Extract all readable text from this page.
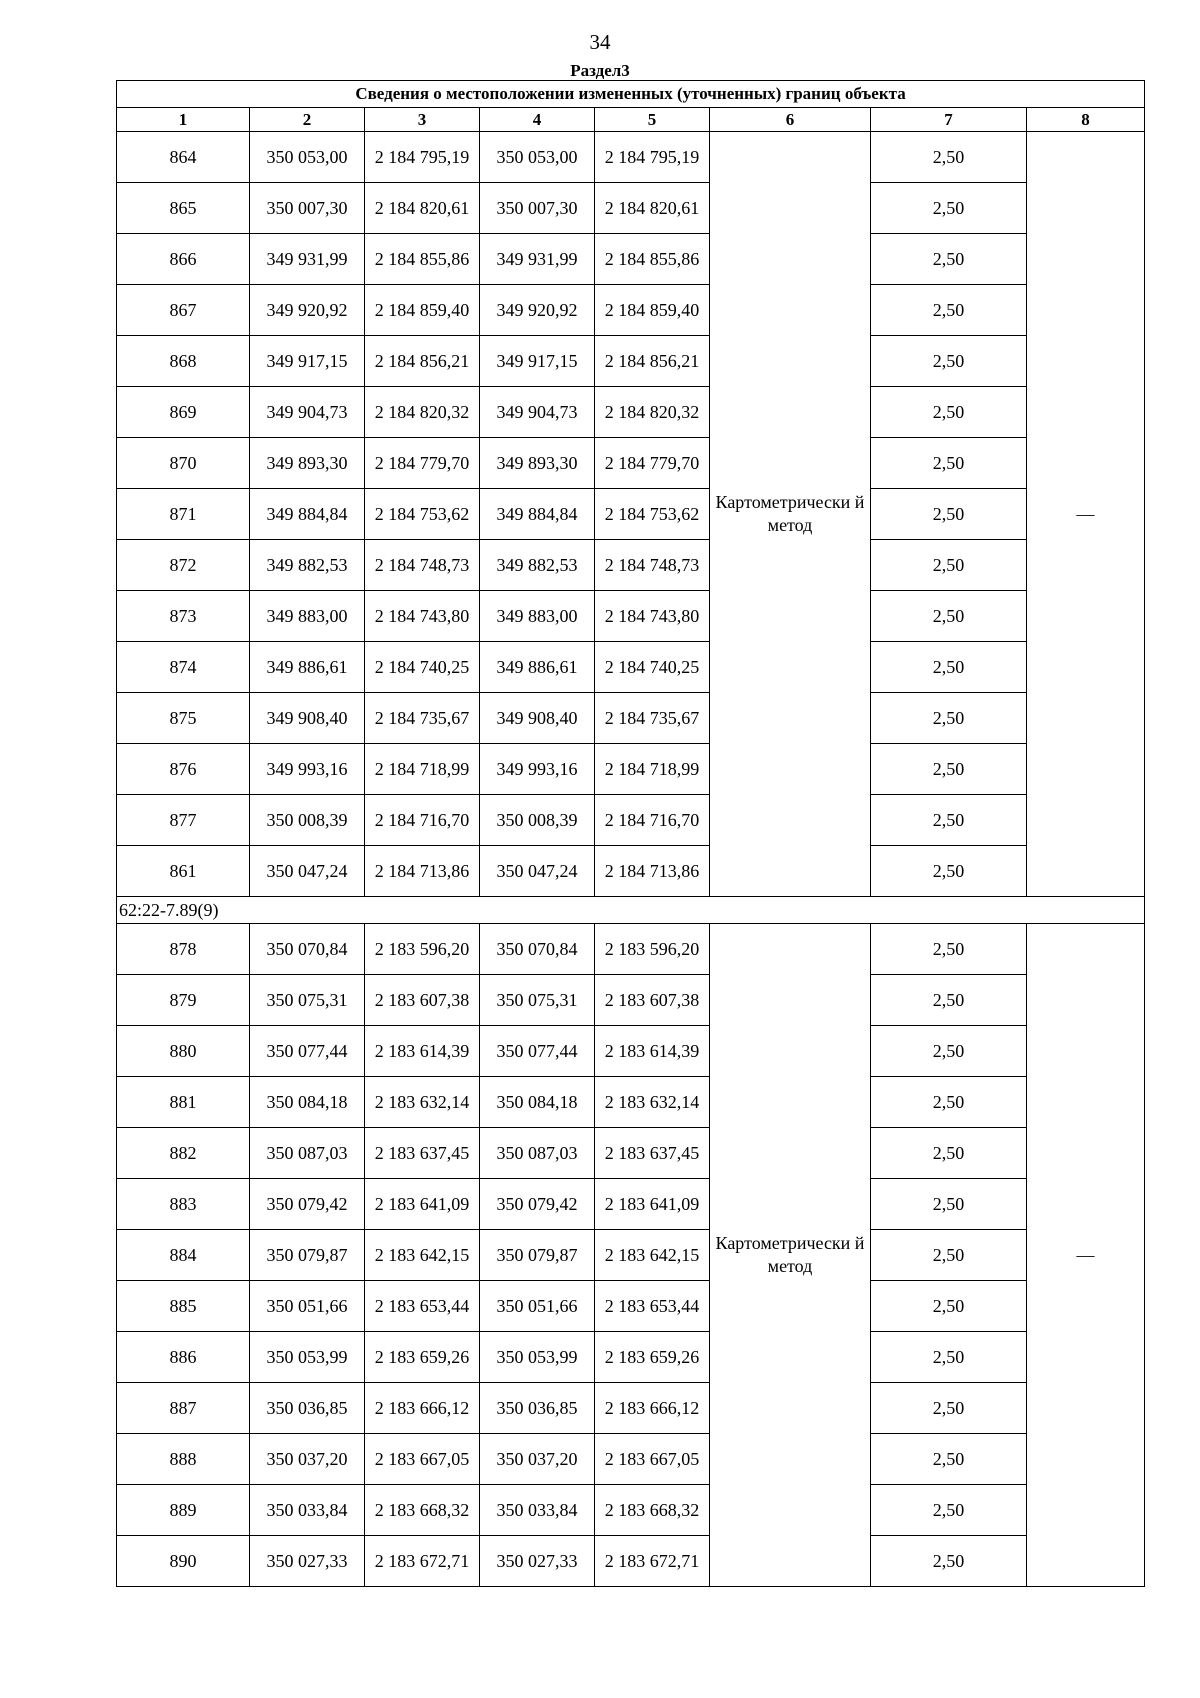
34
Раздел3
Сведения о местоположении измененных (уточненных) границ объекта							
1	2	3	4	5	6	7	8
864	350 053,00	2 184 795,19	350 053,00	2 184 795,19	Картометрически й метод	2,50	—
865	350 007,30	2 184 820,61	350 007,30	2 184 820,61		2,50	
866	349 931,99	2 184 855,86	349 931,99	2 184 855,86		2,50	
867	349 920,92	2 184 859,40	349 920,92	2 184 859,40		2,50	
868	349 917,15	2 184 856,21	349 917,15	2 184 856,21		2,50	
869	349 904,73	2 184 820,32	349 904,73	2 184 820,32		2,50	
870	349 893,30	2 184 779,70	349 893,30	2 184 779,70		2,50	
871	349 884,84	2 184 753,62	349 884,84	2 184 753,62		2,50	
872	349 882,53	2 184 748,73	349 882,53	2 184 748,73		2,50	
873	349 883,00	2 184 743,80	349 883,00	2 184 743,80		2,50	
874	349 886,61	2 184 740,25	349 886,61	2 184 740,25		2,50	
875	349 908,40	2 184 735,67	349 908,40	2 184 735,67		2,50	
876	349 993,16	2 184 718,99	349 993,16	2 184 718,99		2,50	
877	350 008,39	2 184 716,70	350 008,39	2 184 716,70		2,50	
861	350 047,24	2 184 713,86	350 047,24	2 184 713,86		2,50	
62:22-7.89(9)							
878	350 070,84	2 183 596,20	350 070,84	2 183 596,20	Картометрически й метод	2,50	—
879	350 075,31	2 183 607,38	350 075,31	2 183 607,38		2,50	
880	350 077,44	2 183 614,39	350 077,44	2 183 614,39		2,50	
881	350 084,18	2 183 632,14	350 084,18	2 183 632,14		2,50	
882	350 087,03	2 183 637,45	350 087,03	2 183 637,45		2,50	
883	350 079,42	2 183 641,09	350 079,42	2 183 641,09		2,50	
884	350 079,87	2 183 642,15	350 079,87	2 183 642,15		2,50	
885	350 051,66	2 183 653,44	350 051,66	2 183 653,44		2,50	
886	350 053,99	2 183 659,26	350 053,99	2 183 659,26		2,50	
887	350 036,85	2 183 666,12	350 036,85	2 183 666,12		2,50	
888	350 037,20	2 183 667,05	350 037,20	2 183 667,05		2,50	
889	350 033,84	2 183 668,32	350 033,84	2 183 668,32		2,50	
890	350 027,33	2 183 672,71	350 027,33	2 183 672,71		2,50	
